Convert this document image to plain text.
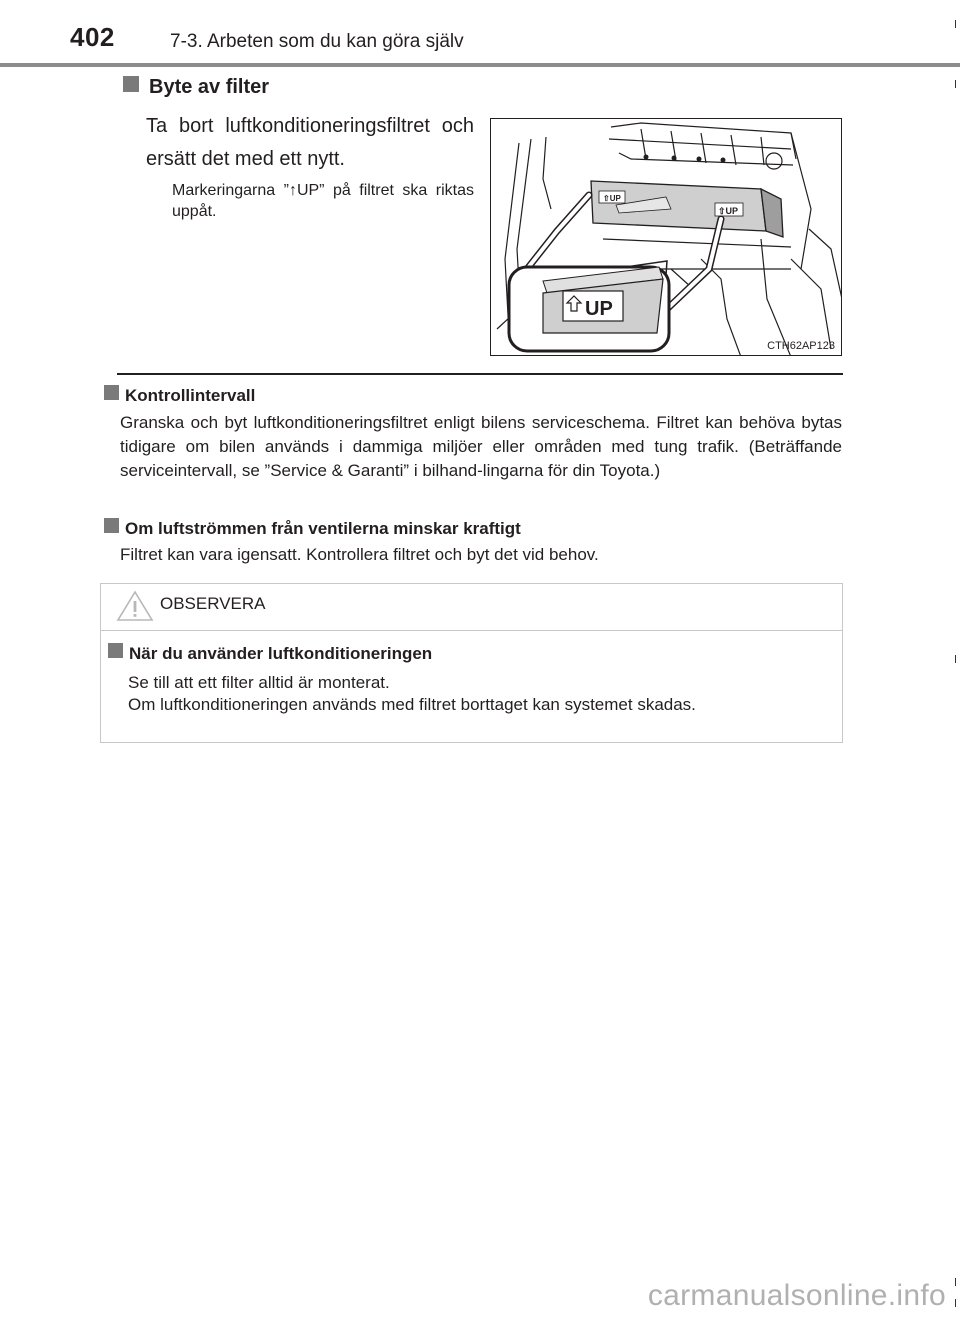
402	7-3. Arbeten som du kan göra själv
Byte av filter
Ta bort luftkonditioneringsfiltret och ersätt det med ett nytt.
Markeringarna ”↑UP” på filtret ska riktas uppåt.
⇧UP
⇧UP
UP
CTH62AP123
Kontrollintervall
Granska och byt luftkonditioneringsfiltret enligt bilens serviceschema. Filtret kan behöva bytas tidigare om bilen används i dammiga miljöer eller områden med tung trafik. (Beträffande serviceintervall, se ”Service & Garanti” i bilhand-lingarna för din Toyota.)
Om luftströmmen från ventilerna minskar kraftigt
Filtret kan vara igensatt. Kontrollera filtret och byt det vid behov.
OBSERVERA
När du använder luftkonditioneringen
Se till att ett filter alltid är monterat.
Om luftkonditioneringen används med filtret borttaget kan systemet skadas.
carmanualsonline.info
